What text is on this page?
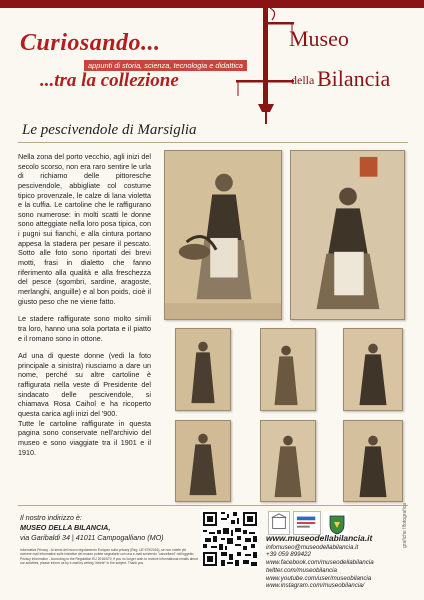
Curiosando...
appunti di storia, scienza, tecnologia e didattica
...tra la collezione
Museo
della Bilancia
Le pescivendole di Marsiglia

Nella zona del porto vecchio, agli inizi del secolo scorso, non era raro sentire le urla di richiamo delle pittoresche pescivendole, abbigliate col costume tipico provenzale, le calze di lana violetta e la cuffia. Le cartoline che le raffigurano sono numerose: in molti scatti le donne sono atteggiate nella loro posa tipica, con i pugni sui fianchi, e alla cintura portano appesa la stadera per pesare il pescato. Sotto alle foto sono riportati dei brevi motti, frasi in dialetto che fanno riferimento alla qualità e alla freschezza del pesce (sgombri, sardine, aragoste, merlanghi, anguille) e al bon poids, cioè il giusto peso che ne viene fatto.

Le stadere raffigurate sono molto simili tra loro, hanno una sola portata e il piatto e il romano sono in ottone.

Ad una di queste donne (vedi la foto principale a sinistra) riusciamo a dare un nome, perché su altre cartoline è raffigurata nella veste di Presidente del sindacato delle pescivendole, si chiamava Rosa Caihol e ha ricoperto questa carica agli inizi del '900.

Tutte le cartoline raffigurate in questa pagina sono conservate nell'archivio del museo e sono viaggiate tra il 1901 e il 1910.

Il nostro indirizzo è:
MUSEO DELLA BILANCIA,
via Garibaldi 34 | 41011 Campogalliano (MO)
Informativa Privacy - Ai sensi del nuovo regolamento Europeo sulla privacy (Reg. UE 679/2016), se non volete più ricevere mail informative sulle iniziative del museo potete segnalarlo con una e-mail scrivendo "cancellami" nell'oggetto. Privacy information - According to the Regulation EU 2016/679, if you no longer wish to receive informational emails about our activities, please inform us by e-mail by writing "delete" in the subject. Thank you.
www.museodellabilancia.it
infomuseo@museodellabilancia.it
+39 059 899422
www.facebook.com/museodellabilancia
twitter.com/museobilancia
www.youtube.com/user/museobilancia
www.instagram.com/museobilancia/
grafiche Ilfotografica
